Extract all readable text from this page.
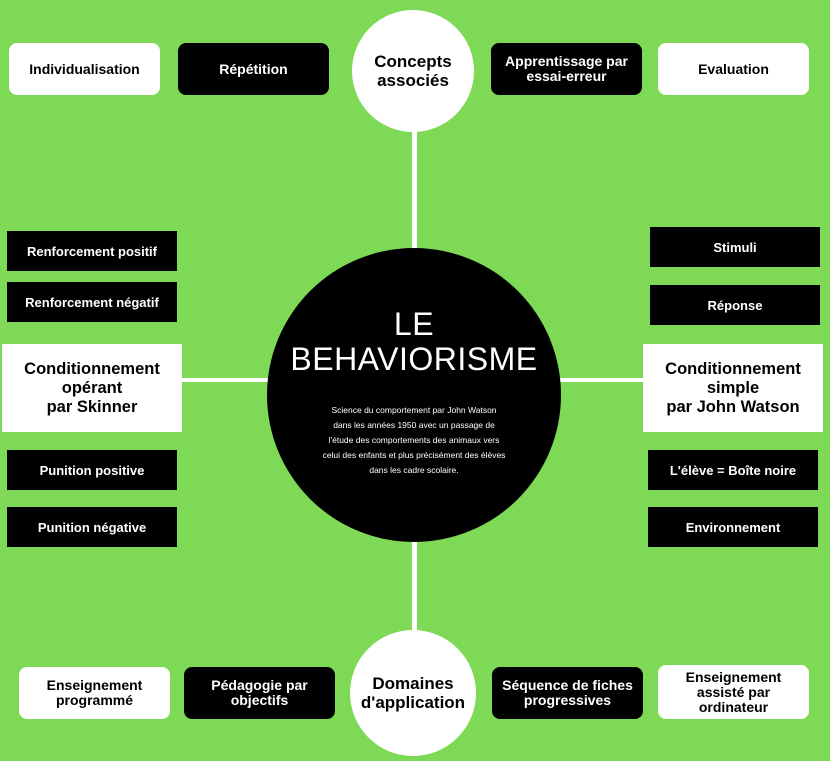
LE
BEHAVIORISME
Science du comportement par John Watson dans les années 1950 avec un passage de l'étude des comportements des animaux vers celui des enfants et plus précisément des élèves dans les cadre scolaire.
Concepts
associés
Domaines
d'application
Conditionnement
opérant
par Skinner
Conditionnement
simple
par John Watson
Individualisation	Répétition	Apprentissage par essai-erreur	Evaluation
Enseignement programmé
Pédagogie par objectifs
Séquence de fiches progressives
Enseignement assisté par ordinateur
Renforcement positif
Renforcement négatif
Punition positive
Punition négative
Stimuli
Réponse
L'élève = Boîte noire
Environnement
